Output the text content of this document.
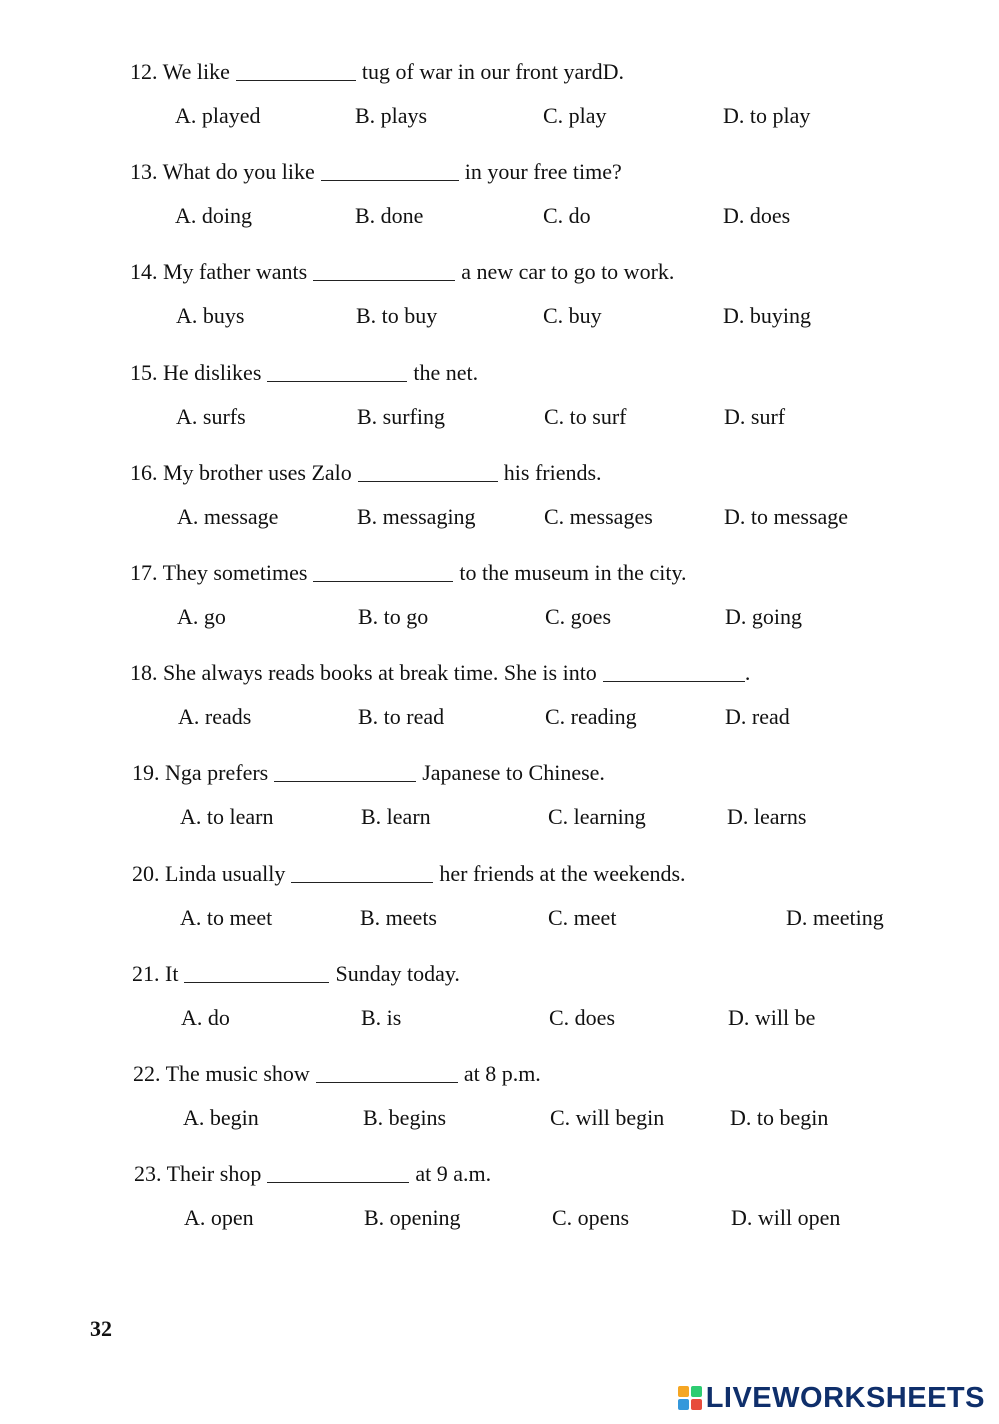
12. We like	tug of war in our front yardD.
A. played	B. plays	C. play	D. to play
13. What do you like	in your free time?
A. doing	B. done	C. do	D. does
14. My father wants	a new car to go to work.
A. buys	B. to buy	C. buy	D. buying
15. He dislikes	the net.
A. surfs	B. surfing	C. to surf	D. surf
16. My brother uses Zalo	his friends.
A. message	B. messaging	C. messages	D. to message
17. They sometimes	to the museum in the city.
A. go	B. to go	C. goes	D. going
18. She always reads books at break time. She is into	.
A. reads	B. to read	C. reading	D. read
19. Nga prefers	Japanese to Chinese.
A. to learn	B. learn	C. learning	D. learns
20. Linda usually	her friends at the weekends.
A. to meet	B. meets	C. meet	D. meeting
21. It	Sunday today.
A. do	B. is	C. does	D. will be
22. The music show	at 8 p.m.
A. begin	B. begins	C. will begin	D. to begin
23. Their shop	at 9 a.m.
A. open	B. opening	C. opens	D. will open
32
LIVEWORKSHEETS
